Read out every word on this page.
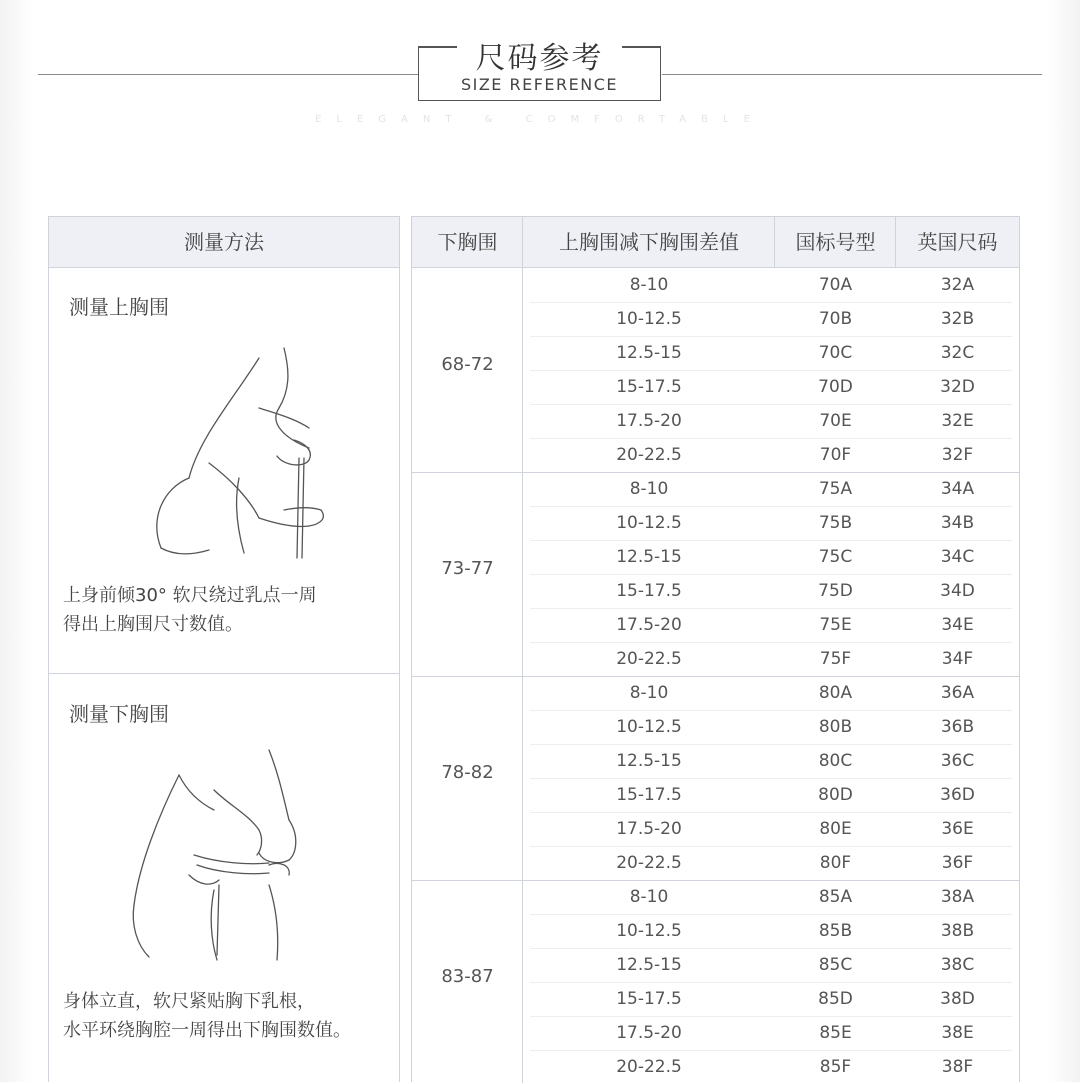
尺码参考
SIZE REFERENCE
ELEGANT & COMFORTABLE
测量方法
测量上胸围
上身前倾30° 软尺绕过乳点一周
得出上胸围尺寸数值。
测量下胸围
身体立直，软尺紧贴胸下乳根，
水平环绕胸腔一周得出下胸围数值。
下胸围	上胸围减下胸围差值	国标号型	英国尺码
68-72
8-10	70A	32A
10-12.5	70B	32B
12.5-15	70C	32C
15-17.5	70D	32D
17.5-20	70E	32E
20-22.5	70F	32F
73-77
8-10	75A	34A
10-12.5	75B	34B
12.5-15	75C	34C
15-17.5	75D	34D
17.5-20	75E	34E
20-22.5	75F	34F
78-82
8-10	80A	36A
10-12.5	80B	36B
12.5-15	80C	36C
15-17.5	80D	36D
17.5-20	80E	36E
20-22.5	80F	36F
83-87
8-10	85A	38A
10-12.5	85B	38B
12.5-15	85C	38C
15-17.5	85D	38D
17.5-20	85E	38E
20-22.5	85F	38F
